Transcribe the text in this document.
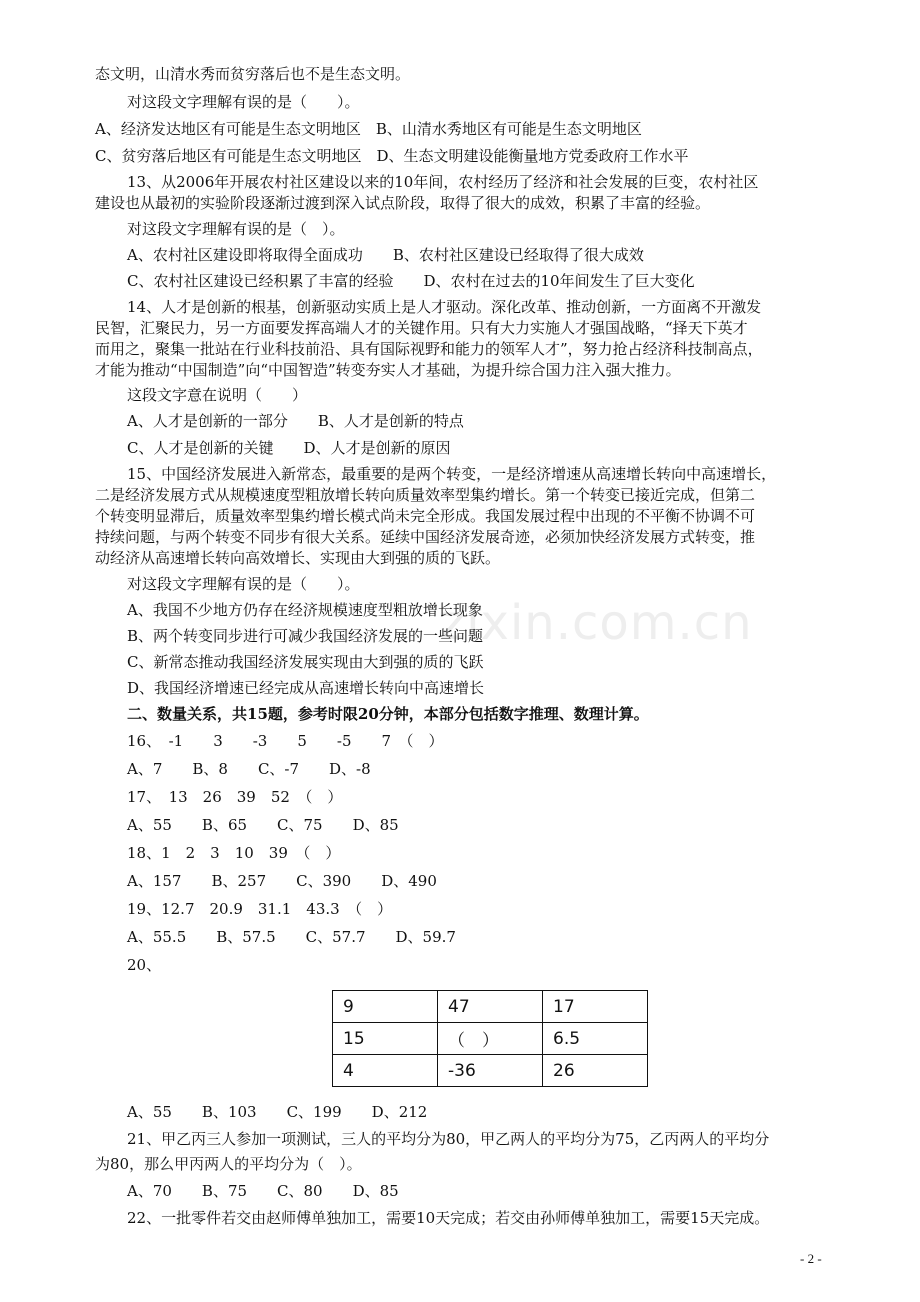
zixin.com.cn
态文明，山清水秀而贫穷落后也不是生态文明。
对这段文字理解有误的是（　　）。
A、经济发达地区有可能是生态文明地区　B、山清水秀地区有可能是生态文明地区
C、贫穷落后地区有可能是生态文明地区　D、生态文明建设能衡量地方党委政府工作水平
13、从2006年开展农村社区建设以来的10年间，农村经历了经济和社会发展的巨变，农村社区
建设也从最初的实验阶段逐渐过渡到深入试点阶段，取得了很大的成效，积累了丰富的经验。
对这段文字理解有误的是（　）。
A、农村社区建设即将取得全面成功　　B、农村社区建设已经取得了很大成效
C、农村社区建设已经积累了丰富的经验　　D、农村在过去的10年间发生了巨大变化
14、人才是创新的根基，创新驱动实质上是人才驱动。深化改革、推动创新，一方面离不开激发
民智，汇聚民力，另一方面要发挥高端人才的关键作用。只有大力实施人才强国战略，“择天下英才
而用之，聚集一批站在行业科技前沿、具有国际视野和能力的领军人才”，努力抢占经济科技制高点，
才能为推动“中国制造”向“中国智造”转变夯实人才基础，为提升综合国力注入强大推力。
这段文字意在说明（　　）
A、人才是创新的一部分　　B、人才是创新的特点
C、人才是创新的关键　　D、人才是创新的原因
15、中国经济发展进入新常态，最重要的是两个转变，一是经济增速从高速增长转向中高速增长，
二是经济发展方式从规模速度型粗放增长转向质量效率型集约增长。第一个转变已接近完成，但第二
个转变明显滞后，质量效率型集约增长模式尚未完全形成。我国发展过程中出现的不平衡不协调不可
持续问题，与两个转变不同步有很大关系。延续中国经济发展奇迹，必须加快经济发展方式转变，推
动经济从高速增长转向高效增长、实现由大到强的质的飞跃。
对这段文字理解有误的是（　　）。
A、我国不少地方仍存在经济规模速度型粗放增长现象
B、两个转变同步进行可减少我国经济发展的一些问题
C、新常态推动我国经济发展实现由大到强的质的飞跃
D、我国经济增速已经完成从高速增长转向中高速增长
二、数量关系，共15题，参考时限20分钟，本部分包括数字推理、数理计算。
16、　-1　　3　　-3　　5　　-5　　7　（　）
A、7　　B、8　　C、-7　　D、-8
17、　13　26　39　52　（　）
A、55　　B、65　　C、75　　D、85
18、1　2　3　10　39　（　）
A、157　　B、257　　C、390　　D、490
19、12.7　20.9　31.1　43.3　（　）
A、55.5　　B、57.5　　C、57.7　　D、59.7
20、
9	47	17
15	（　）	6.5
4	-36	26
A、55　　B、103　　C、199　　D、212
21、甲乙丙三人参加一项测试，三人的平均分为80，甲乙两人的平均分为75，乙丙两人的平均分
为80，那么甲丙两人的平均分为（　）。
A、70　　B、75　　C、80　　D、85
22、一批零件若交由赵师傅单独加工，需要10天完成；若交由孙师傅单独加工，需要15天完成。
- 2 -
